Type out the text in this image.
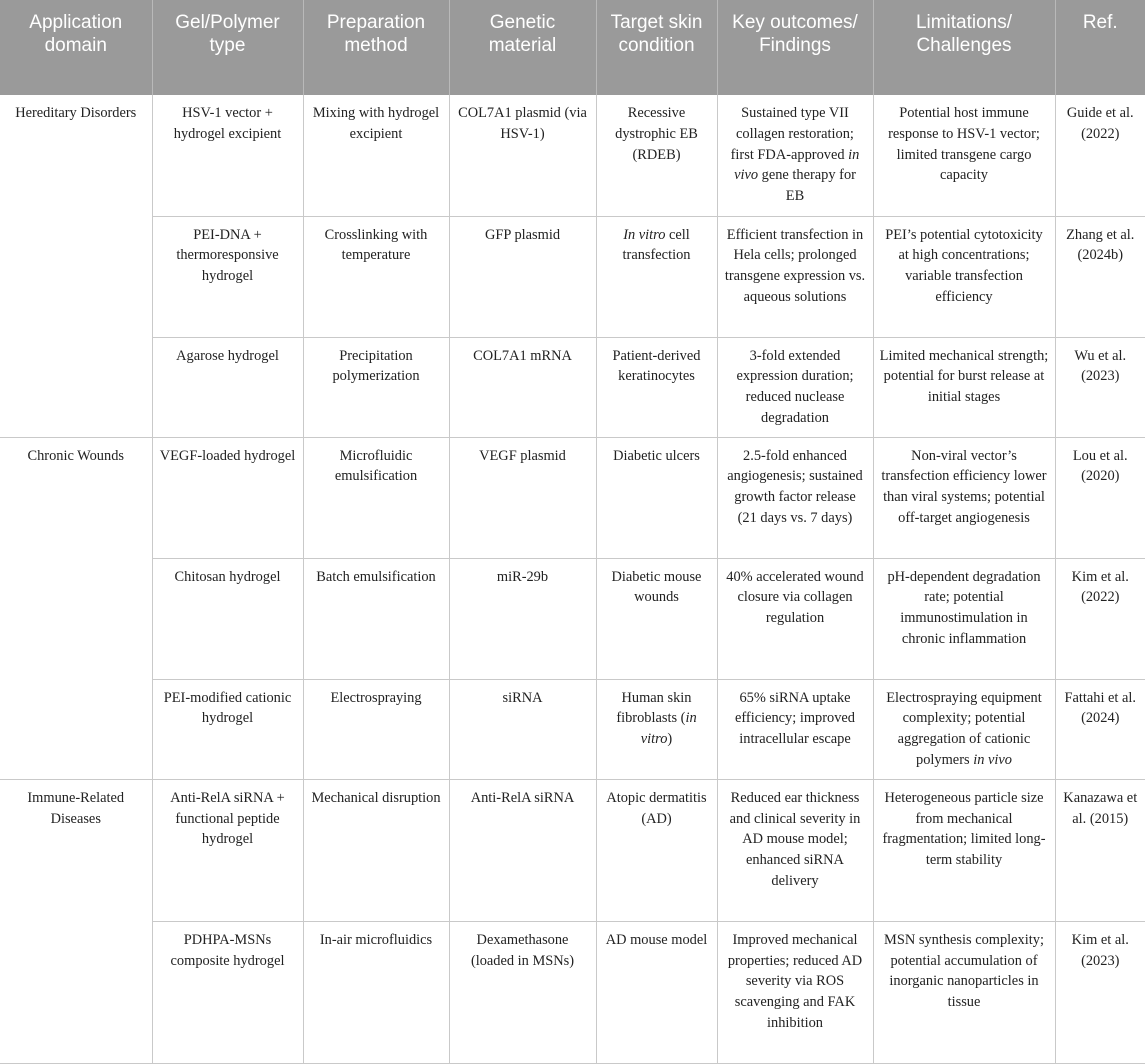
Application domain	Gel/Polymer type	Preparation method	Genetic material	Target skin condition	Key outcomes/ Findings	Limitations/ Challenges	Ref.
Hereditary Disorders	HSV-1 vector + hydrogel excipient	Mixing with hydrogel excipient	COL7A1 plasmid (via HSV-1)	Recessive dystrophic EB (RDEB)	Sustained type VII collagen restoration; first FDA-approved in vivo gene therapy for EB	Potential host immune response to HSV-1 vector; limited transgene cargo capacity	Guide et al. (2022)
	PEI-DNA + thermoresponsive hydrogel	Crosslinking with temperature	GFP plasmid	In vitro cell transfection	Efficient transfection in Hela cells; prolonged transgene expression vs. aqueous solutions	PEI’s potential cytotoxicity at high concentrations; variable transfection efficiency	Zhang et al. (2024b)
	Agarose hydrogel	Precipitation polymerization	COL7A1 mRNA	Patient-derived keratinocytes	3-fold extended expression duration; reduced nuclease degradation	Limited mechanical strength; potential for burst release at initial stages	Wu et al. (2023)
Chronic Wounds	VEGF-loaded hydrogel	Microfluidic emulsification	VEGF plasmid	Diabetic ulcers	2.5-fold enhanced angiogenesis; sustained growth factor release (21 days vs. 7 days)	Non-viral vector’s transfection efficiency lower than viral systems; potential off-target angiogenesis	Lou et al. (2020)
	Chitosan hydrogel	Batch emulsification	miR-29b	Diabetic mouse wounds	40% accelerated wound closure via collagen regulation	pH-dependent degradation rate; potential immunostimulation in chronic inflammation	Kim et al. (2022)
	PEI-modified cationic hydrogel	Electrospraying	siRNA	Human skin fibroblasts (in vitro)	65% siRNA uptake efficiency; improved intracellular escape	Electrospraying equipment complexity; potential aggregation of cationic polymers in vivo	Fattahi et al. (2024)
Immune-Related Diseases	Anti-RelA siRNA + functional peptide hydrogel	Mechanical disruption	Anti-RelA siRNA	Atopic dermatitis (AD)	Reduced ear thickness and clinical severity in AD mouse model; enhanced siRNA delivery	Heterogeneous particle size from mechanical fragmentation; limited long-term stability	Kanazawa et al. (2015)
	PDHPA-MSNs composite hydrogel	In-air microfluidics	Dexamethasone (loaded in MSNs)	AD mouse model	Improved mechanical properties; reduced AD severity via ROS scavenging and FAK inhibition	MSN synthesis complexity; potential accumulation of inorganic nanoparticles in tissue	Kim et al. (2023)
